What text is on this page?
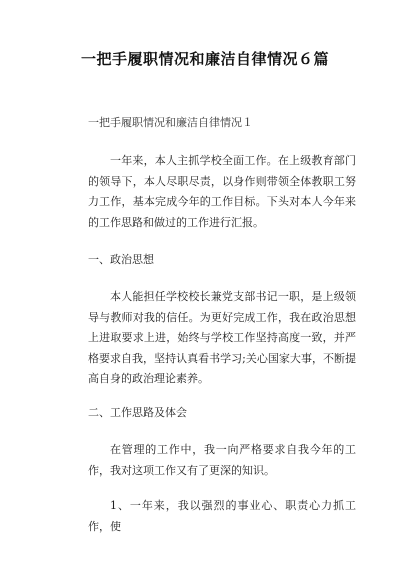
一把手履职情况和廉洁自律情况６篇

一把手履职情况和廉洁自律情况１

一年来，本人主抓学校全面工作。在上级教育部门的领导下，本人尽职尽责，以身作则带领全体教职工努力工作，基本完成今年的工作目标。下头对本人今年来的工作思路和做过的工作进行汇报。

一、政治思想

本人能担任学校校长兼党支部书记一职，是上级领导与教师对我的信任。为更好完成工作，我在政治思想上进取要求上进，始终与学校工作坚持高度一致，并严格要求自我，坚持认真看书学习;关心国家大事，不断提高自身的政治理论素养。

二、工作思路及体会

在管理的工作中，我一向严格要求自我今年的工作，我对这项工作又有了更深的知识。

1、一年来，我以强烈的事业心、职责心力抓工作，使
